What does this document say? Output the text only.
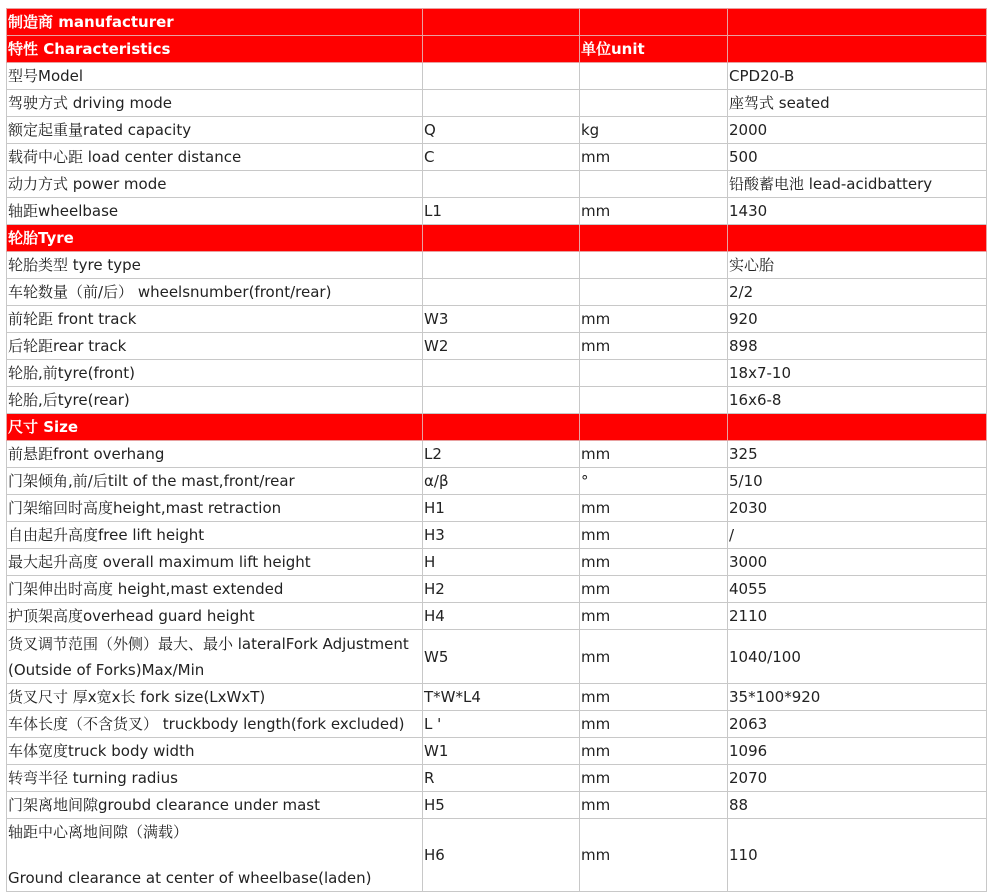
制造商 manufacturer			
特性 Characteristics		单位unit	
型号Model			CPD20-B
驾驶方式 driving mode			座驾式 seated
额定起重量rated capacity	Q	kg	2000
载荷中心距 load center distance	C	mm	500
动力方式 power mode			铅酸蓄电池 lead-acidbattery
轴距wheelbase	L1	mm	1430
轮胎Tyre			
轮胎类型 tyre type			实心胎
车轮数量（前/后） wheelsnumber(front/rear)			2/2
前轮距 front track	W3	mm	920
后轮距rear track	W2	mm	898
轮胎,前tyre(front)			18x7-10
轮胎,后tyre(rear)			16x6-8
尺寸 Size			
前悬距front overhang	L2	mm	325
门架倾角,前/后tilt of the mast,front/rear	α/β	°	5/10
门架缩回时高度height,mast retraction	H1	mm	2030
自由起升高度free lift height	H3	mm	/
最大起升高度 overall maximum lift height	H	mm	3000
门架伸出时高度 height,mast extended	H2	mm	4055
护顶架高度overhead guard height	H4	mm	2110
货叉调节范围（外侧）最大、最小 lateralFork Adjustment(Outside of Forks)Max/Min	W5	mm	1040/100
货叉尺寸 厚x宽x长 fork size(LxWxT)	T*W*L4	mm	35*100*920
车体长度（不含货叉） truckbody length(fork excluded)	L '	mm	2063
车体宽度truck body width	W1	mm	1096
转弯半径 turning radius	R	mm	2070
门架离地间隙groubd clearance under mast	H5	mm	88

轴距中心离地间隙（满载）
Ground clearance at center of wheelbase(laden)	H6	mm	110
